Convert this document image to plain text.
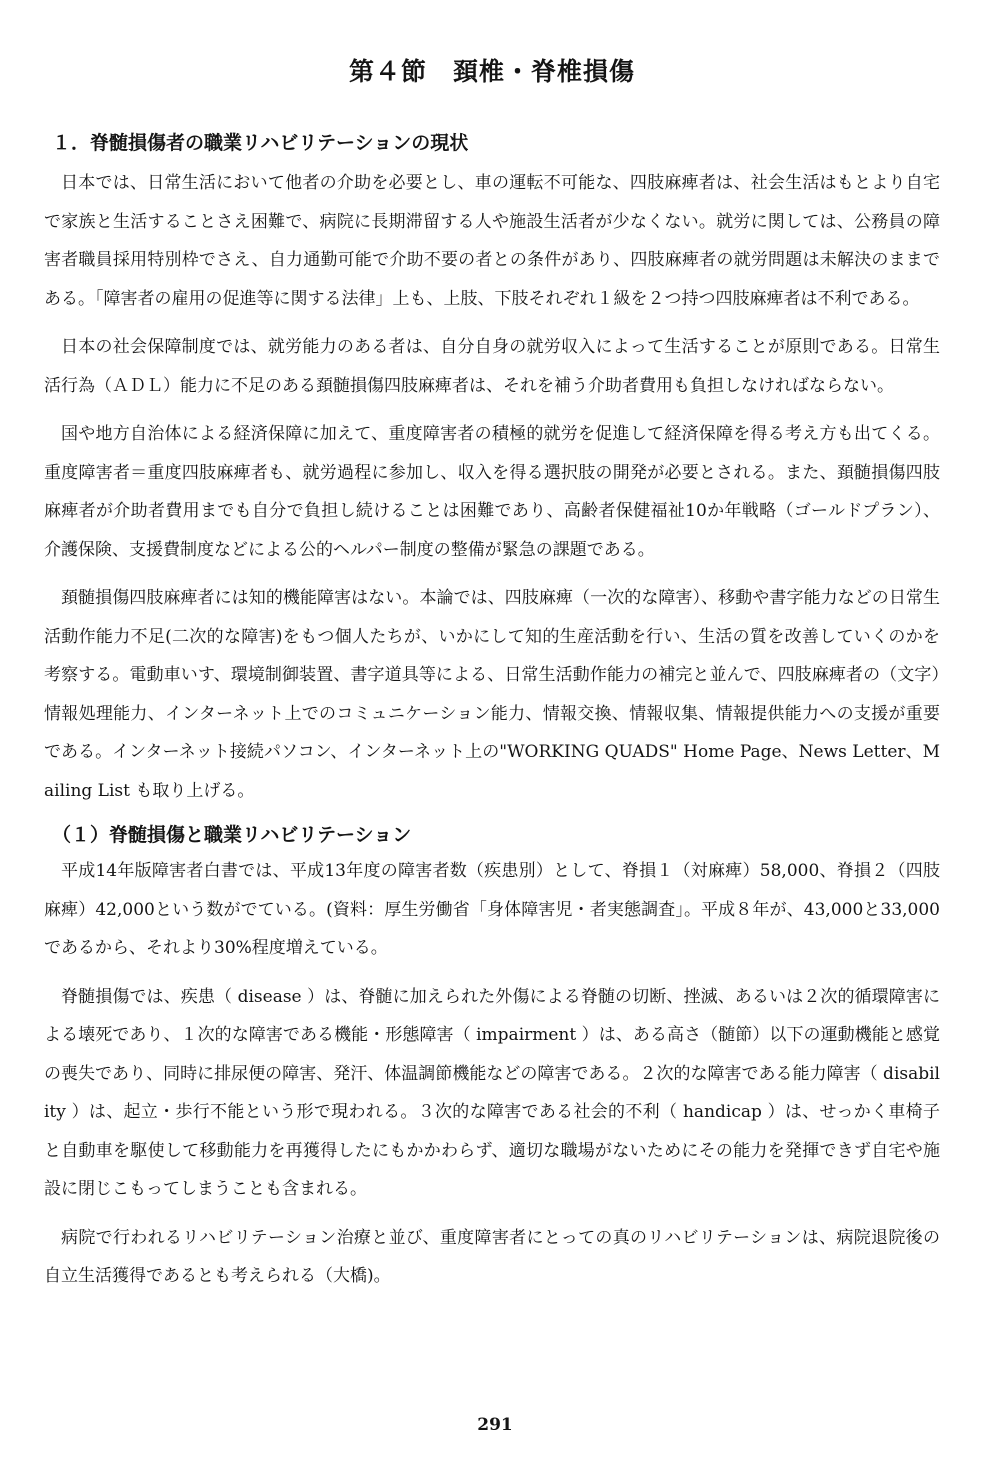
第４節　頚椎・脊椎損傷
１．脊髄損傷者の職業リハビリテーションの現状

日本では、日常生活において他者の介助を必要とし、車の運転不可能な、四肢麻痺者は、社会生活はもとより自宅で家族と生活することさえ困難で、病院に長期滞留する人や施設生活者が少なくない。就労に関しては、公務員の障害者職員採用特別枠でさえ、自力通勤可能で介助不要の者との条件があり、四肢麻痺者の就労問題は未解決のままである。「障害者の雇用の促進等に関する法律」上も、上肢、下肢それぞれ１級を２つ持つ四肢麻痺者は不利である。

日本の社会保障制度では、就労能力のある者は、自分自身の就労収入によって生活することが原則である。日常生活行為（ＡＤＬ）能力に不足のある頚髄損傷四肢麻痺者は、それを補う介助者費用も負担しなければならない。

国や地方自治体による経済保障に加えて、重度障害者の積極的就労を促進して経済保障を得る考え方も出てくる。重度障害者＝重度四肢麻痺者も、就労過程に参加し、収入を得る選択肢の開発が必要とされる。また、頚髄損傷四肢麻痺者が介助者費用までも自分で負担し続けることは困難であり、高齢者保健福祉10か年戦略（ゴールドプラン）、介護保険、支援費制度などによる公的ヘルパー制度の整備が緊急の課題である。

頚髄損傷四肢麻痺者には知的機能障害はない。本論では、四肢麻痺（一次的な障害）、移動や書字能力などの日常生活動作能力不足(二次的な障害)をもつ個人たちが、いかにして知的生産活動を行い、生活の質を改善していくのかを考察する。電動車いす、環境制御装置、書字道具等による、日常生活動作能力の補完と並んで、四肢麻痺者の（文字）情報処理能力、インターネット上でのコミュニケーション能力、情報交換、情報収集、情報提供能力への支援が重要である。インターネット接続パソコン、インターネット上の"WORKING QUADS" Home Page、News Letter、Mailing List も取り上げる。

（１）脊髄損傷と職業リハビリテーション

平成14年版障害者白書では、平成13年度の障害者数（疾患別）として、脊損１（対麻痺）58,000、脊損２（四肢麻痺）42,000という数がでている。(資料：厚生労働省「身体障害児・者実態調査」。平成８年が、43,000と33,000であるから、それより30%程度増えている。

脊髄損傷では、疾患（ disease ）は、脊髄に加えられた外傷による脊髄の切断、挫滅、あるいは２次的循環障害による壊死であり、１次的な障害である機能・形態障害（ impairment ）は、ある高さ（髄節）以下の運動機能と感覚の喪失であり、同時に排尿便の障害、発汗、体温調節機能などの障害である。２次的な障害である能力障害（ disability ）は、起立・歩行不能という形で現われる。３次的な障害である社会的不利（ handicap ）は、せっかく車椅子と自動車を駆使して移動能力を再獲得したにもかかわらず、適切な職場がないためにその能力を発揮できず自宅や施設に閉じこもってしまうことも含まれる。

病院で行われるリハビリテーション治療と並び、重度障害者にとっての真のリハビリテーションは、病院退院後の自立生活獲得であるとも考えられる（大橋)。

291
